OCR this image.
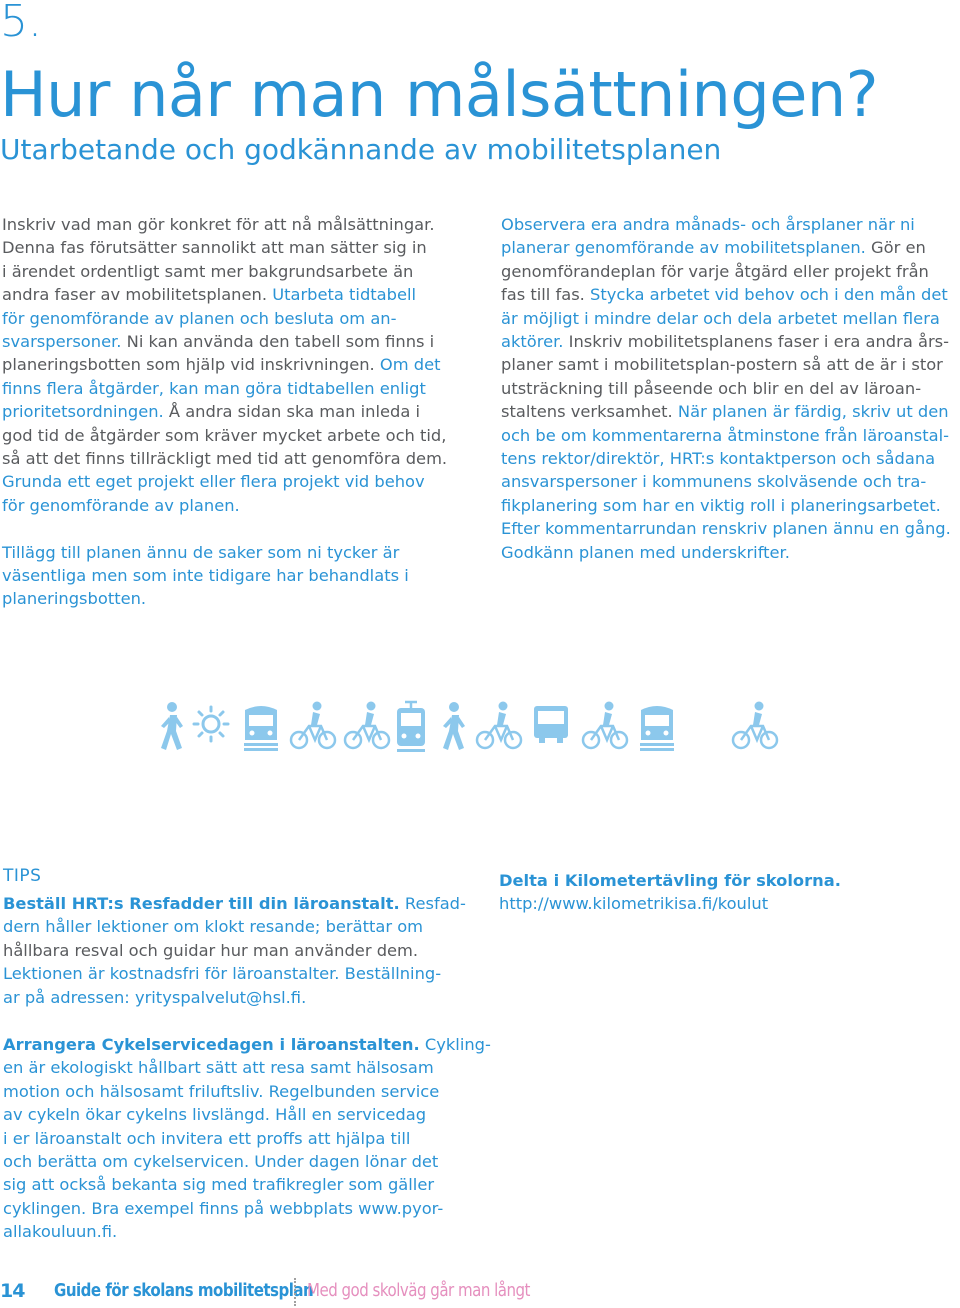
5.
Hur når man målsättningen?
Utarbetande och godkännande av mobilitetsplanen

Inskriv vad man gör konkret för att nå målsättningar.

Denna fas förutsätter sannolikt att man sätter sig in

i ärendet ordentligt samt mer bakgrundsarbete än

andra faser av mobilitetsplanen. Utarbeta tidtabell

för genomförande av planen och besluta om an-

svarspersoner. Ni kan använda den tabell som finns i

planeringsbotten som hjälp vid inskrivningen. Om det

finns flera åtgärder, kan man göra tidtabellen enligt

prioritetsordningen. Å andra sidan ska man inleda i

god tid de åtgärder som kräver mycket arbete och tid,

så att det finns tillräckligt med tid att genomföra dem.

Grunda ett eget projekt eller flera projekt vid behov

för genomförande av planen.

Tillägg till planen ännu de saker som ni tycker är

väsentliga men som inte tidigare har behandlats i

planeringsbotten.

Observera era andra månads- och årsplaner när ni

planerar genomförande av mobilitetsplanen. Gör en

genomförandeplan för varje åtgärd eller projekt från

fas till fas. Stycka arbetet vid behov och i den mån det

är möjligt i mindre delar och dela arbetet mellan flera

aktörer. Inskriv mobilitetsplanens faser i era andra års-

planer samt i mobilitetsplan-postern så att de är i stor

utsträckning till påseende och blir en del av läroan-

staltens verksamhet. När planen är färdig, skriv ut den

och be om kommentarerna åtminstone från läroanstal-

tens rektor/direktör, HRT:s kontaktperson och sådana

ansvarspersoner i kommunens skolväsende och tra-

fikplanering som har en viktig roll i planeringsarbetet.

Efter kommentarrundan renskriv planen ännu en gång.

Godkänn planen med underskrifter.

TIPS

Beställ HRT:s Resfadder till din läroanstalt. Resfad-

dern håller lektioner om klokt resande; berättar om

hållbara resval och guidar hur man använder dem.

Lektionen är kostnadsfri för läroanstalter. Beställning-

ar på adressen: yrityspalvelut@hsl.fi.

Delta i Kilometertävling för skolorna.

http://www.kilometrikisa.fi/koulut

Arrangera Cykelservicedagen i läroanstalten. Cykling-

en är ekologiskt hållbart sätt att resa samt hälsosam

motion och hälsosamt friluftsliv. Regelbunden service

av cykeln ökar cykelns livslängd. Håll en servicedag

i er läroanstalt och invitera ett proffs att hjälpa till

och berätta om cykelservicen. Under dagen lönar det

sig att också bekanta sig med trafikregler som gäller

cyklingen. Bra exempel finns på webbplats www.pyor-

allakouluun.fi.

14 Guide för skolans mobilitetsplan
Med god skolväg går man långt
